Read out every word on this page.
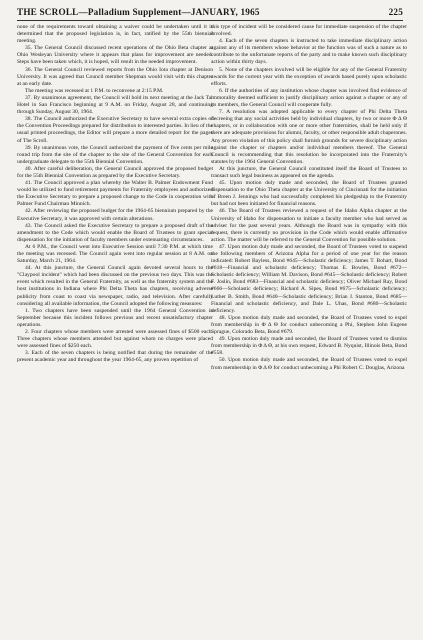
THE SCROLL—Palladium Supplement—JANUARY, 1965	225

none of the requirements toward obtaining a waiver could be undertaken until it is determined that the proposed legislation is, in fact, ratified by the 55th biennial meeting.

35. The General Council discussed recent operations of the Ohio Beta chapter at Ohio Wesleyan University where it appears that plans for improvement are needed. Steps have been taken which, it is hoped, will result in the needed improvement.

36. The General Council reviewed reports from the Ohio Iota chapter at Denison University. It was agreed that Council member Shepman would visit with this chapter at an early date.

The meeting was recessed at 1 P.M. to reconvene at 2:15 P.M.

37. By unanimous agreement, the Council will hold its next meeting at the Jack Tar Hotel in San Francisco beginning at 9 A.M. on Friday, August 28, and continuing through Sunday, August 30, 1964.

38. The Council authorized the Executive Secretary to have several extra copies of the Convention Proceedings prepared for distribution to interested parties. In lieu of the usual printed proceedings, the Editor will prepare a more detailed report for the pages of The Scroll.

39. By unanimous vote, the Council authorized the payment of five cents per mile round trip from the site of the chapter to the site of the General Convention for each undergraduate delegate to the 55th Biennial Convention.

40. After careful deliberation, the General Council approved the proposed budget for the 55th Biennial Convention as prepared by the Executive Secretary.

41. The Council approved a plan whereby the Walter B. Palmer Endowment Fund would be utilized to fund retirement payments for Fraternity employees and authorized the Executive Secretary to prepare a proposed change to the Code in cooperation with Palmer Fund Chairman Minnich.

42. After reviewing the proposed budget for the 1964-65 biennium prepared by the Executive Secretary, it was approved with certain alterations.

43. The Council asked the Executive Secretary to prepare a proposed draft of the amendment to the Code which would enable the Board of Trustees to grant special dispensation for the initiation of faculty members under extenuating circumstances.

At 6 P.M., the Council went into Executive Session until 7:30 P.M. at which time the meeting was recessed. The Council again went into regular session at 8 A.M. on Saturday, March 21, 1964.

44. At this juncture, the General Council again devoted several hours to the "Claypool incident" which had been discussed on the previous two days. This was the event which resulted in the General Fraternity, as well as the fraternity system and the host institutions in Indiana where Phi Delta Theta has chapters, receiving adverse publicity from coast to coast via newspaper, radio, and television. After carefully considering all available information, the Council adopted the following measures:

1. Two chapters have been suspended until the 1964 General Convention in September because this incident follows previous and recent unsatisfactory chapter operations.

2. Four chapters whose members were arrested were assessed fines of $500 each. Three chapters whose members attended but against whom no charges were placed were assessed fines of $250 each.

3. Each of the seven chapters is being notified that during the remainder of the present academic year and throughout the year 1964-65, any proven repetition of

this type of incident will be considered cause for immediate suspension of the chapter involved.

4. Each of the seven chapters is instructed to take immediate disciplinary action against any of its members whose behavior at the function was of such a nature as to contribute to the unfortunate reports of the party and to make known such disciplinary action within thirty days.

5. None of the chapters involved will be eligible for any of the General Fraternity awards for the current year with the exception of awards based purely upon scholastic efforts.

6. If the authorities of any institution whose chapter was involved find evidence of immorality deemed sufficient to justify disciplinary action against a chapter or any of its members, the General Council will cooperate fully.

7. A resolution was adopted applicable to every chapter of Phi Delta Theta decreeing that any social activities held by individual chapters, by two or more Φ Δ Θ chapters, or in collaboration with one or more other fraternities, shall be held only if there are adequate provisions for alumni, faculty, or other responsible adult chaperones. Any proven violation of this policy shall furnish grounds for severe disciplinary action against the chapter or chapters and/or individual members thereof. The General Council is recommending that this resolution be incorporated into the Fraternity's statutes by the 1964 General Convention.

At this juncture, the General Council constituted itself the Board of Trustees to transact such legal business as appeared on the agenda.

45. Upon motion duly made and seconded, the Board of Trustees granted dispensation to the Ohio Theta chapter at the University of Cincinnati for the initiation of Breen J. Jennings who had successfully completed his pledgeship to the Fraternity but had not been initiated for financial reasons.

46. The Board of Trustees reviewed a request of the Idaho Alpha chapter at the University of Idaho for dispensation to initiate a faculty member who had served as adviser for the past several years. Although the Board was in sympathy with this request, there is currently no provision in the Code which would enable affirmative action. The matter will be referred to the General Convention for possible solution.

47. Upon motion duly made and seconded, the Board of Trustees voted to suspend the following members of Arizona Alpha for a period of one year for the reason indicated: Robert Bayless, Bond #645—Scholastic deficiency; James T. Bohart, Bond #618—Financial and scholastic deficiency; Thomas E. Bowles, Bond #672—Scholastic deficiency; William M. Davison, Bond #645—Scholastic deficiency; Robert F. Joslin, Bond #683—Financial and scholastic deficiency; Oliver Michael Ray, Bond #666—Scholastic deficiency; Richard A. Sipes, Bond #675—Scholastic deficiency; Luther B. Smith, Bond #640—Scholastic deficiency; Brian J. Stanton, Bond #685—Financial and scholastic deficiency, and Dale L. Uhas, Bond #680—Scholastic deficiency.

48. Upon motion duly made and seconded, the Board of Trustees voted to expel from membership in Φ Δ Θ for conduct unbecoming a Phi, Stephen John Eugene Sprague, Colorado Beta, Bond #679.

49. Upon motion duly made and seconded, the Board of Trustees voted to dismiss from membership in Φ Δ Θ, at his own request, Edward B. Nyquist, Illinois Beta, Bond #558.

50. Upon motion duly made and seconded, the Board of Trustees voted to expel from membership in Φ Δ Θ for conduct unbecoming a Phi Robert C. Douglas, Arizona
